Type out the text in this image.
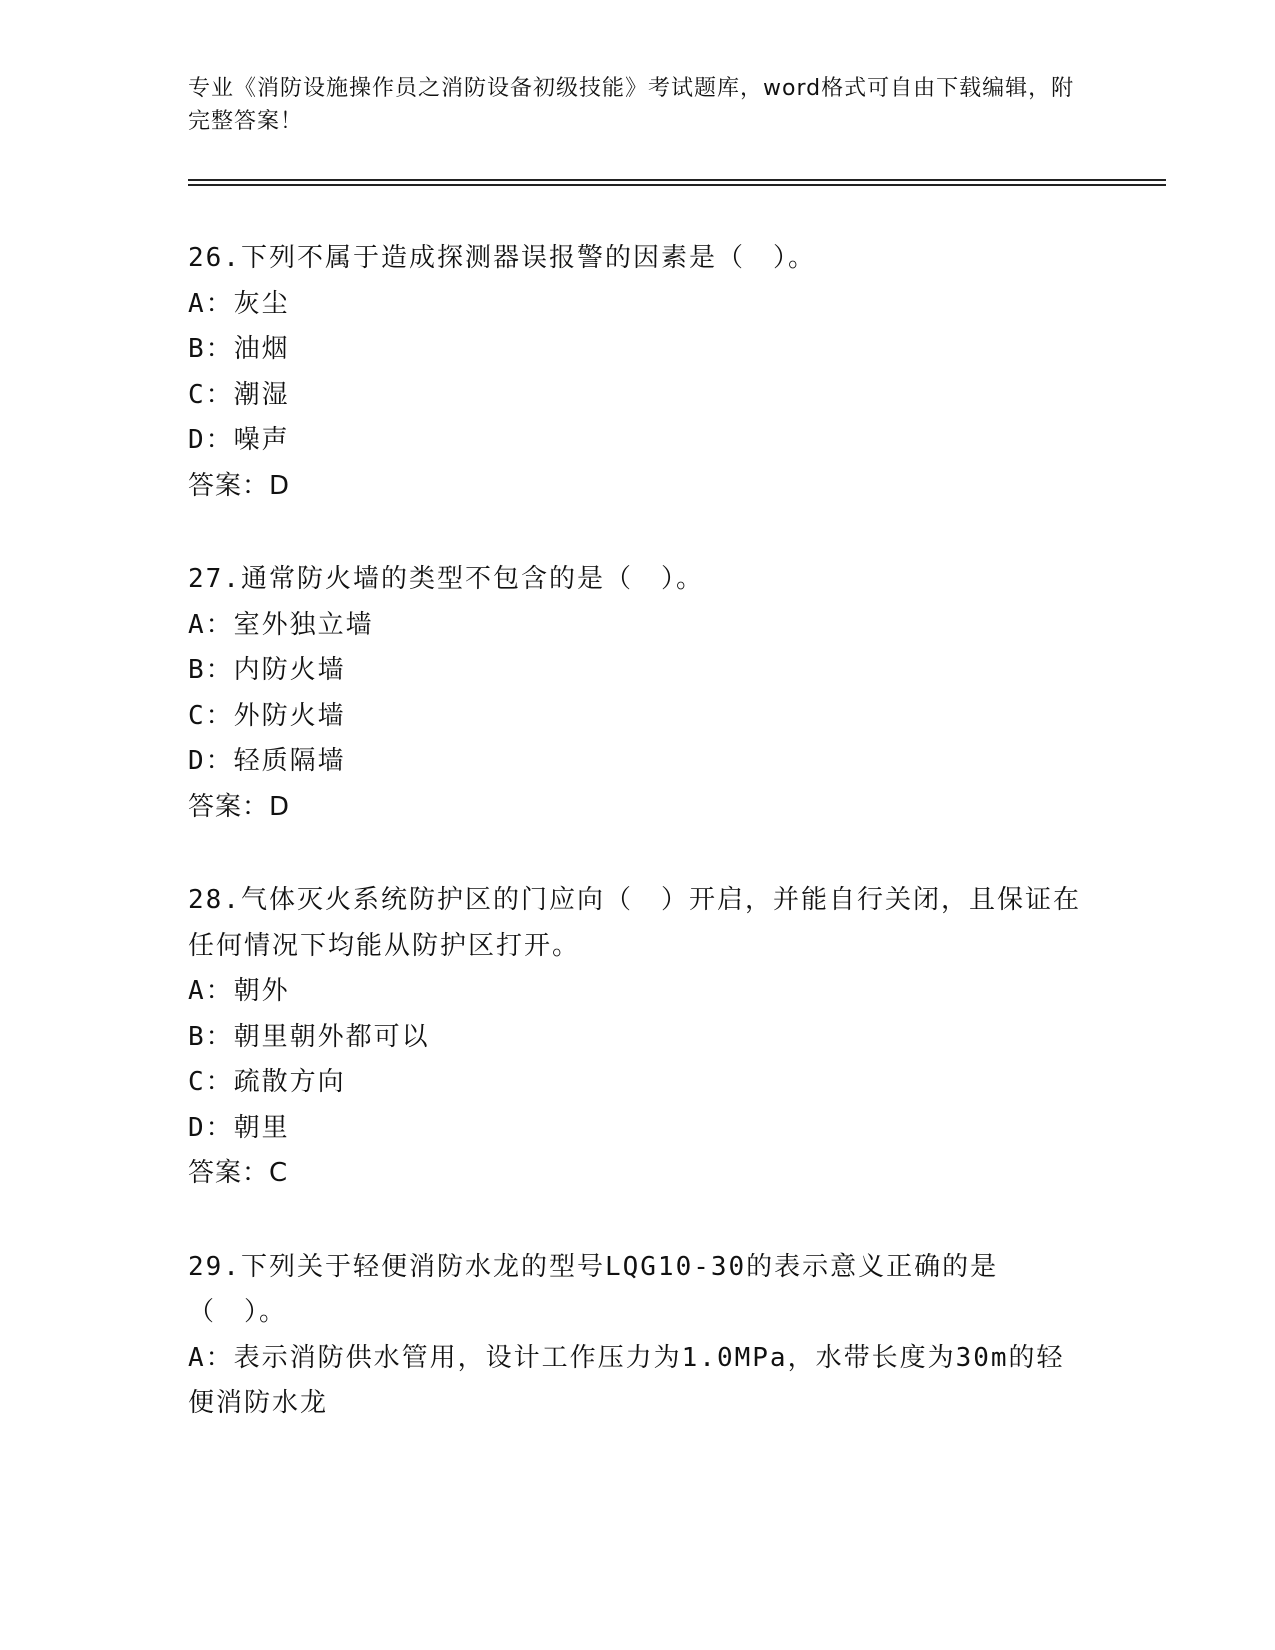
专业《消防设施操作员之消防设备初级技能》考试题库，word格式可自由下载编辑，附完整答案！
26.下列不属于造成探测器误报警的因素是（　）。
A：灰尘
B：油烟
C：潮湿
D：噪声
答案：D
27.通常防火墙的类型不包含的是（　）。
A：室外独立墙
B：内防火墙
C：外防火墙
D：轻质隔墙
答案：D
28.气体灭火系统防护区的门应向（　）开启，并能自行关闭，且保证在任何情况下均能从防护区打开。
A：朝外
B：朝里朝外都可以
C：疏散方向
D：朝里
答案：C
29.下列关于轻便消防水龙的型号LQG10-30的表示意义正确的是（　）。
A：表示消防供水管用，设计工作压力为1.0MPa，水带长度为30m的轻便消防水龙
